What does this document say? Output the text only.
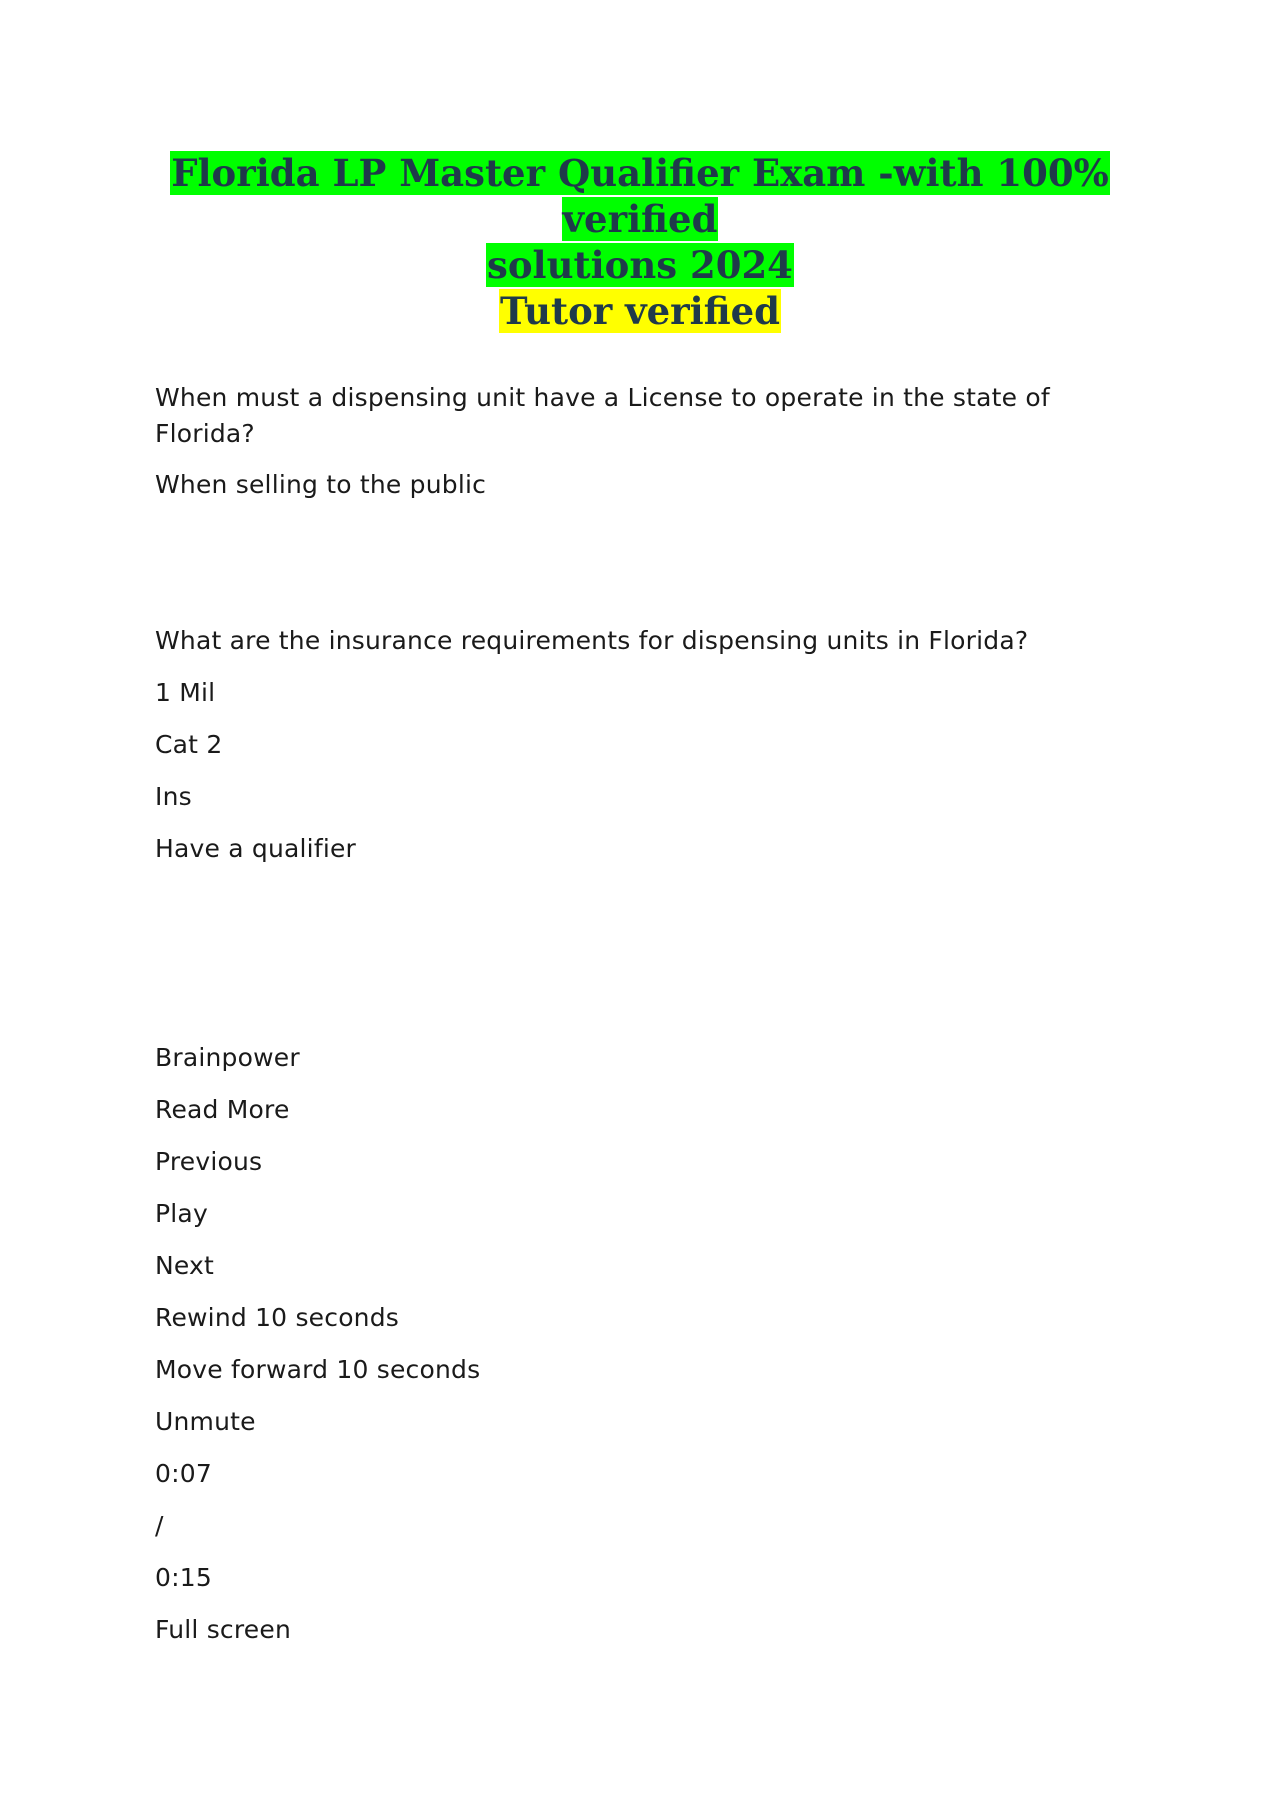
Florida LP Master Qualifier Exam -with 100% verified
solutions 2024
Tutor verified
When must a dispensing unit have a License to operate in the state of Florida?
When selling to the public
What are the insurance requirements for dispensing units in Florida?
1 Mil
Cat 2
Ins
Have a qualifier
Brainpower
Read More
Previous
Play
Next
Rewind 10 seconds
Move forward 10 seconds
Unmute
0:07
/
0:15
Full screen
